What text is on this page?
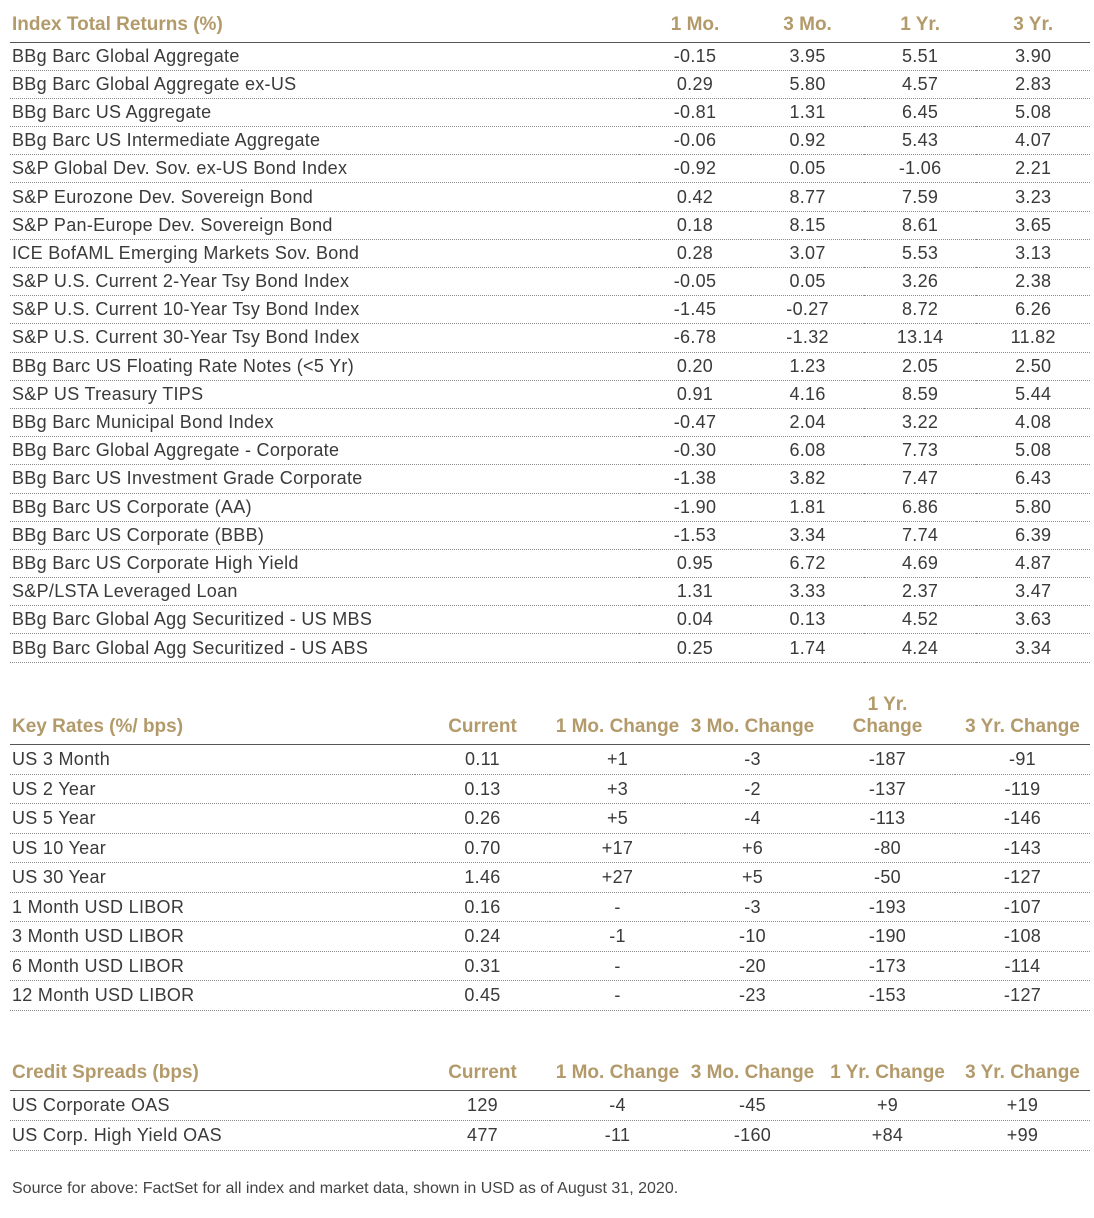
Index Total Returns (%)	1 Mo.	3 Mo.	1 Yr.	3 Yr.
BBg Barc Global Aggregate	-0.15	3.95	5.51	3.90
BBg Barc Global Aggregate ex-US	0.29	5.80	4.57	2.83
BBg Barc US Aggregate	-0.81	1.31	6.45	5.08
BBg Barc US Intermediate Aggregate	-0.06	0.92	5.43	4.07
S&P Global Dev. Sov. ex-US Bond Index	-0.92	0.05	-1.06	2.21
S&P Eurozone Dev. Sovereign Bond	0.42	8.77	7.59	3.23
S&P Pan-Europe Dev. Sovereign Bond	0.18	8.15	8.61	3.65
ICE BofAML Emerging Markets Sov. Bond	0.28	3.07	5.53	3.13
S&P U.S. Current 2-Year Tsy Bond Index	-0.05	0.05	3.26	2.38
S&P U.S. Current 10-Year Tsy Bond Index	-1.45	-0.27	8.72	6.26
S&P U.S. Current 30-Year Tsy Bond Index	-6.78	-1.32	13.14	11.82
BBg Barc US Floating Rate Notes (<5 Yr)	0.20	1.23	2.05	2.50
S&P US Treasury TIPS	0.91	4.16	8.59	5.44
BBg Barc Municipal Bond Index	-0.47	2.04	3.22	4.08
BBg Barc Global Aggregate - Corporate	-0.30	6.08	7.73	5.08
BBg Barc US Investment Grade Corporate	-1.38	3.82	7.47	6.43
BBg Barc US Corporate (AA)	-1.90	1.81	6.86	5.80
BBg Barc US Corporate (BBB)	-1.53	3.34	7.74	6.39
BBg Barc US Corporate High Yield	0.95	6.72	4.69	4.87
S&P/LSTA Leveraged Loan	1.31	3.33	2.37	3.47
BBg Barc Global Agg Securitized - US MBS	0.04	0.13	4.52	3.63
BBg Barc Global Agg Securitized - US ABS	0.25	1.74	4.24	3.34
Key Rates (%/ bps)	Current	1 Mo. Change	3 Mo. Change	1 Yr. Change	3 Yr. Change
US 3 Month	0.11	+1	-3	-187	-91
US 2 Year	0.13	+3	-2	-137	-119
US 5 Year	0.26	+5	-4	-113	-146
US 10 Year	0.70	+17	+6	-80	-143
US 30 Year	1.46	+27	+5	-50	-127
1 Month USD LIBOR	0.16	-	-3	-193	-107
3 Month USD LIBOR	0.24	-1	-10	-190	-108
6 Month USD LIBOR	0.31	-	-20	-173	-114
12 Month USD LIBOR	0.45	-	-23	-153	-127
Credit Spreads (bps)	Current	1 Mo. Change	3 Mo. Change	1 Yr. Change	3 Yr. Change
US Corporate OAS	129	-4	-45	+9	+19
US Corp. High Yield OAS	477	-11	-160	+84	+99
Source for above: FactSet for all index and market data, shown in USD as of August 31, 2020.
